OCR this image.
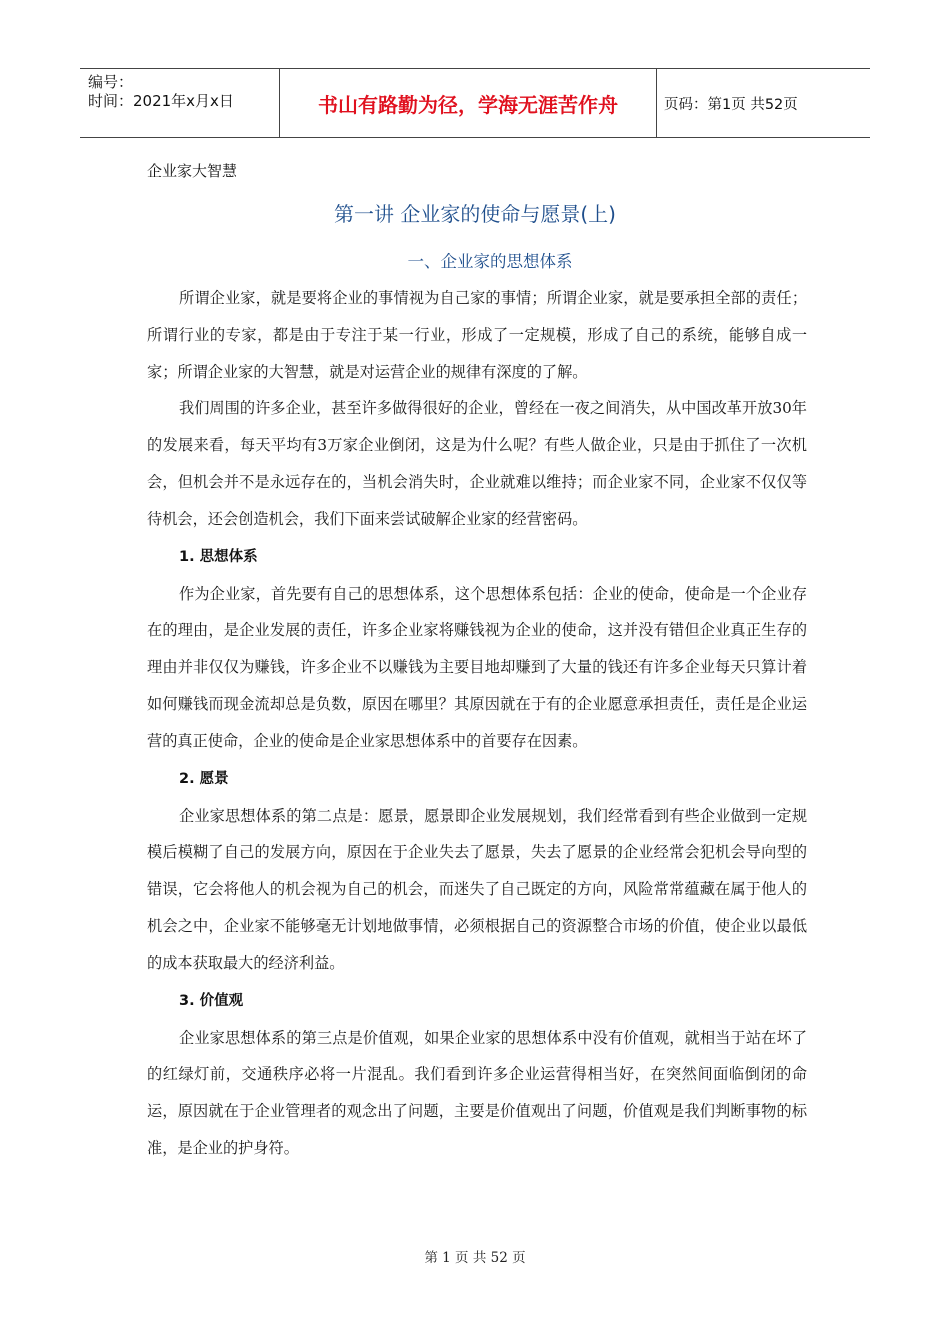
编号：
时间：2021年x月x日	书山有路勤为径，学海无涯苦作舟	页码：第1页 共52页
企业家大智慧
第一讲 企业家的使命与愿景(上)
一、企业家的思想体系

所谓企业家，就是要将企业的事情视为自己家的事情；所谓企业家，就是要承担全部的责任；所谓行业的专家，都是由于专注于某一行业，形成了一定规模，形成了自己的系统，能够自成一家；所谓企业家的大智慧，就是对运营企业的规律有深度的了解。

我们周围的许多企业，甚至许多做得很好的企业，曾经在一夜之间消失，从中国改革开放30年的发展来看，每天平均有3万家企业倒闭，这是为什么呢？有些人做企业，只是由于抓住了一次机会，但机会并不是永远存在的，当机会消失时，企业就难以维持；而企业家不同，企业家不仅仅等待机会，还会创造机会，我们下面来尝试破解企业家的经营密码。

1. 思想体系

作为企业家，首先要有自己的思想体系，这个思想体系包括：企业的使命，使命是一个企业存在的理由，是企业发展的责任，许多企业家将赚钱视为企业的使命，这并没有错但企业真正生存的理由并非仅仅为赚钱，许多企业不以赚钱为主要目地却赚到了大量的钱还有许多企业每天只算计着如何赚钱而现金流却总是负数，原因在哪里？其原因就在于有的企业愿意承担责任，责任是企业运营的真正使命，企业的使命是企业家思想体系中的首要存在因素。

2. 愿景

企业家思想体系的第二点是：愿景，愿景即企业发展规划，我们经常看到有些企业做到一定规模后模糊了自己的发展方向，原因在于企业失去了愿景，失去了愿景的企业经常会犯机会导向型的错误，它会将他人的机会视为自己的机会，而迷失了自己既定的方向，风险常常蕴藏在属于他人的机会之中，企业家不能够毫无计划地做事情，必须根据自己的资源整合市场的价值，使企业以最低的成本获取最大的经济利益。

3. 价值观

企业家思想体系的第三点是价值观，如果企业家的思想体系中没有价值观，就相当于站在坏了的红绿灯前，交通秩序必将一片混乱。我们看到许多企业运营得相当好，在突然间面临倒闭的命运，原因就在于企业管理者的观念出了问题，主要是价值观出了问题，价值观是我们判断事物的标准，是企业的护身符。

第 1 页 共 52 页
